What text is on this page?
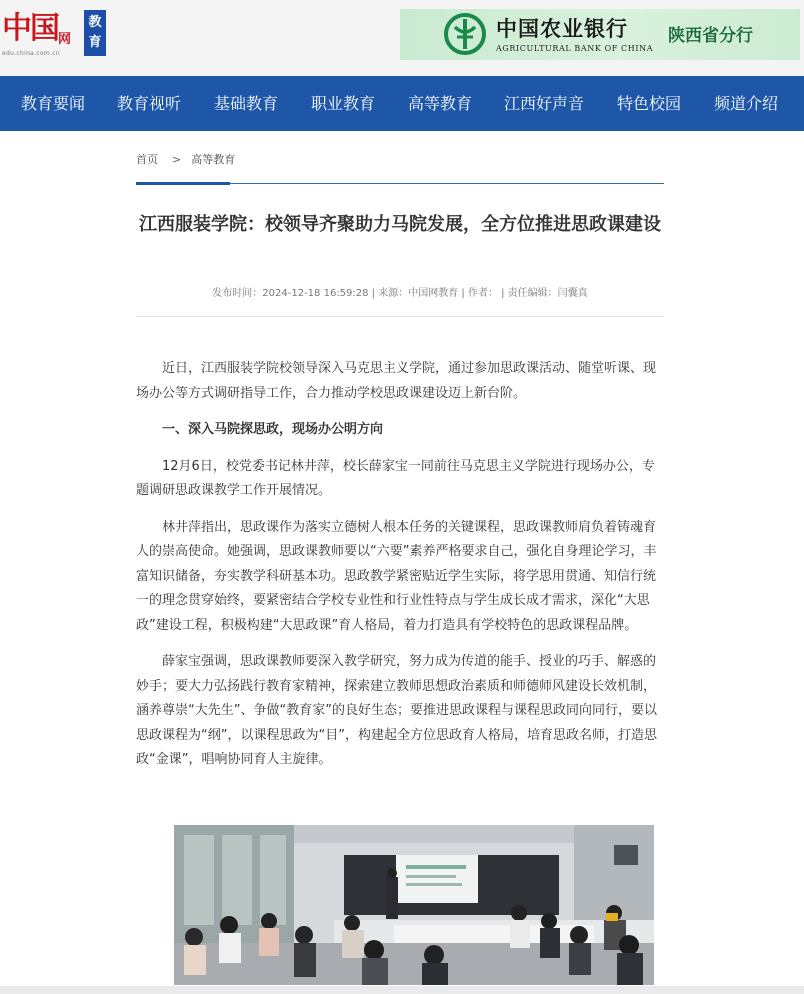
中国 网
edu.china.com.cn
教
育
中国农业银行
AGRICULTURAL BANK OF CHINA
陕西省分行
教育要闻 教育视听 基础教育 职业教育 高等教育 江西好声音 特色校园 频道介绍
首页 > 高等教育
江西服装学院：校领导齐聚助力马院发展，全方位推进思政课建设
发布时间：2024-12-18 16:59:28 | 来源：中国网教育 | 作者： | 责任编辑：闫囊真

近日，江西服装学院校领导深入马克思主义学院，通过参加思政课活动、随堂听课、现场办公等方式调研指导工作，合力推动学校思政课建设迈上新台阶。

一、深入马院探思政，现场办公明方向

12月6日，校党委书记林井萍，校长薛家宝一同前往马克思主义学院进行现场办公，专题调研思政课教学工作开展情况。

林井萍指出，思政课作为落实立德树人根本任务的关键课程，思政课教师肩负着铸魂育人的崇高使命。她强调，思政课教师要以“六要”素养严格要求自己，强化自身理论学习，丰富知识储备，夯实教学科研基本功。思政教学紧密贴近学生实际，将学思用贯通、知信行统一的理念贯穿始终，要紧密结合学校专业性和行业性特点与学生成长成才需求，深化“大思政”建设工程，积极构建“大思政课”育人格局，着力打造具有学校特色的思政课程品牌。

薛家宝强调，思政课教师要深入教学研究，努力成为传道的能手、授业的巧手、解惑的妙手；要大力弘扬践行教育家精神，探索建立教师思想政治素质和师德师风建设长效机制，涵养尊崇“大先生”、争做“教育家”的良好生态；要推进思政课程与课程思政同向同行，要以思政课程为“纲”，以课程思政为“目”，构建起全方位思政育人格局，培育思政名师，打造思政“金课”，唱响协同育人主旋律。
